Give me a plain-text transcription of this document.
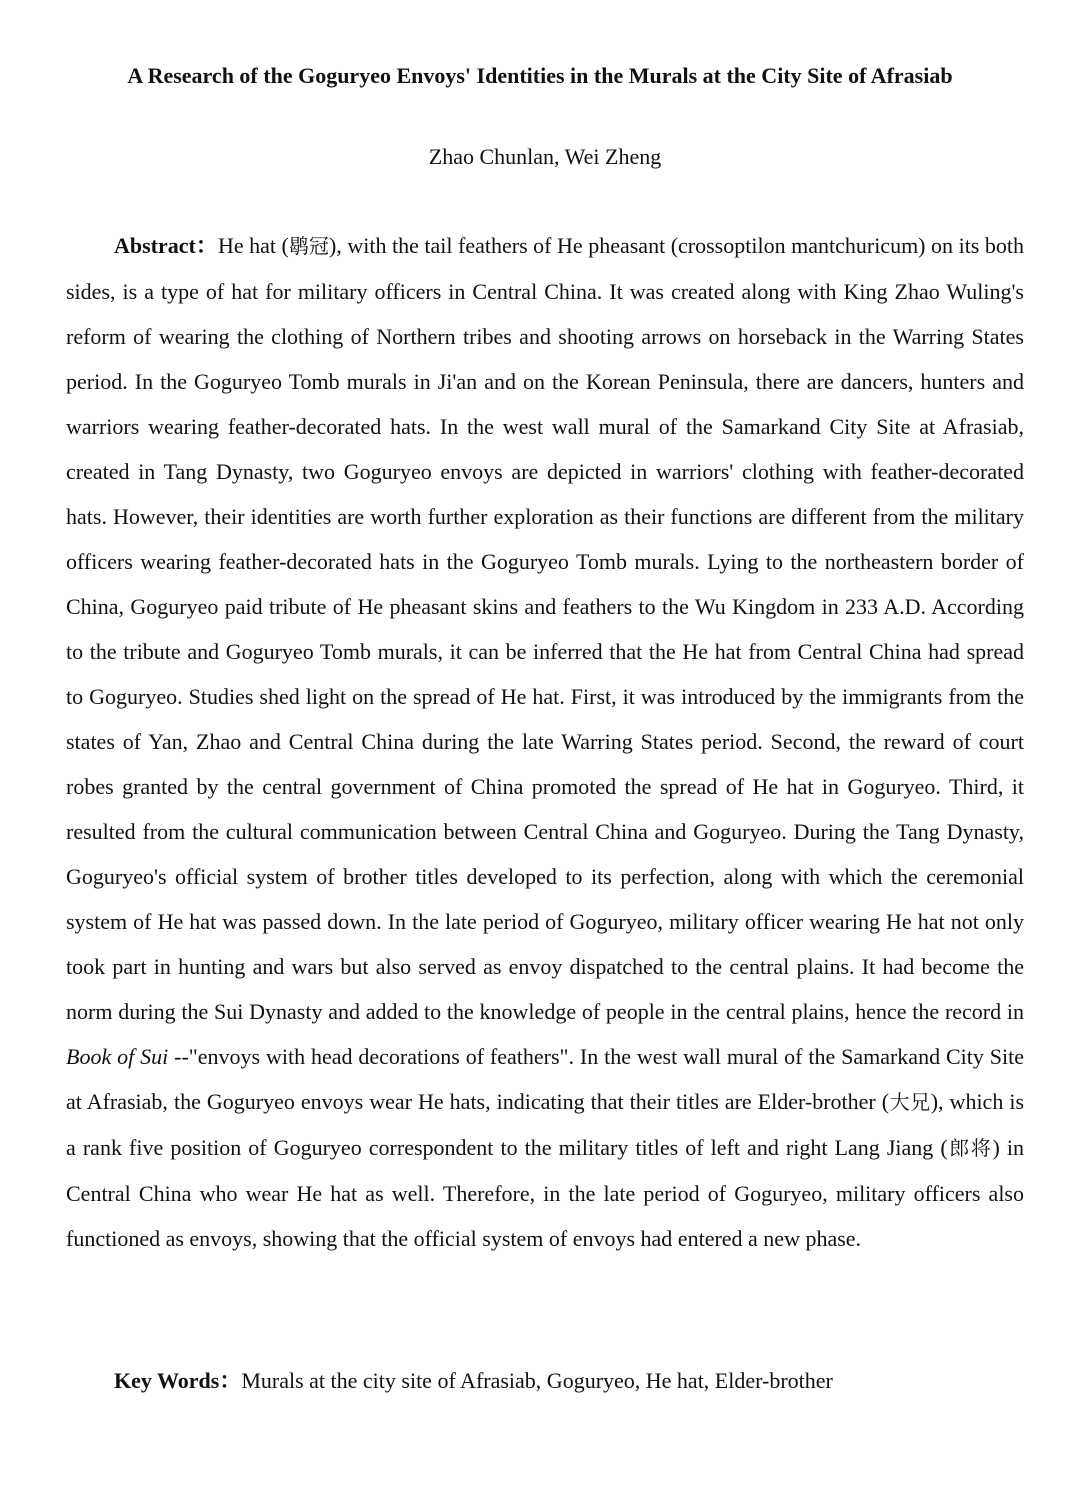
A Research of the Goguryeo Envoys' Identities in the Murals at the City Site of Afrasiab

Zhao Chunlan, Wei Zheng

Abstract：He hat (鹖冠), with the tail feathers of He pheasant (crossoptilon mantchuricum) on its both sides, is a type of hat for military officers in Central China. It was created along with King Zhao Wuling's reform of wearing the clothing of Northern tribes and shooting arrows on horseback in the Warring States period. In the Goguryeo Tomb murals in Ji'an and on the Korean Peninsula, there are dancers, hunters and warriors wearing feather-decorated hats. In the west wall mural of the Samarkand City Site at Afrasiab, created in Tang Dynasty, two Goguryeo envoys are depicted in warriors' clothing with feather-decorated hats. However, their identities are worth further exploration as their functions are different from the military officers wearing feather-decorated hats in the Goguryeo Tomb murals. Lying to the northeastern border of China, Goguryeo paid tribute of He pheasant skins and feathers to the Wu Kingdom in 233 A.D. According to the tribute and Goguryeo Tomb murals, it can be inferred that the He hat from Central China had spread to Goguryeo. Studies shed light on the spread of He hat. First, it was introduced by the immigrants from the states of Yan, Zhao and Central China during the late Warring States period. Second, the reward of court robes granted by the central government of China promoted the spread of He hat in Goguryeo. Third, it resulted from the cultural communication between Central China and Goguryeo. During the Tang Dynasty, Goguryeo's official system of brother titles developed to its perfection, along with which the ceremonial system of He hat was passed down. In the late period of Goguryeo, military officer wearing He hat not only took part in hunting and wars but also served as envoy dispatched to the central plains. It had become the norm during the Sui Dynasty and added to the knowledge of people in the central plains, hence the record in Book of Sui --"envoys with head decorations of feathers". In the west wall mural of the Samarkand City Site at Afrasiab, the Goguryeo envoys wear He hats, indicating that their titles are Elder-brother (大兄), which is a rank five position of Goguryeo correspondent to the military titles of left and right Lang Jiang (郎将) in Central China who wear He hat as well. Therefore, in the late period of Goguryeo, military officers also functioned as envoys, showing that the official system of envoys had entered a new phase.

Key Words：Murals at the city site of Afrasiab, Goguryeo, He hat, Elder-brother
